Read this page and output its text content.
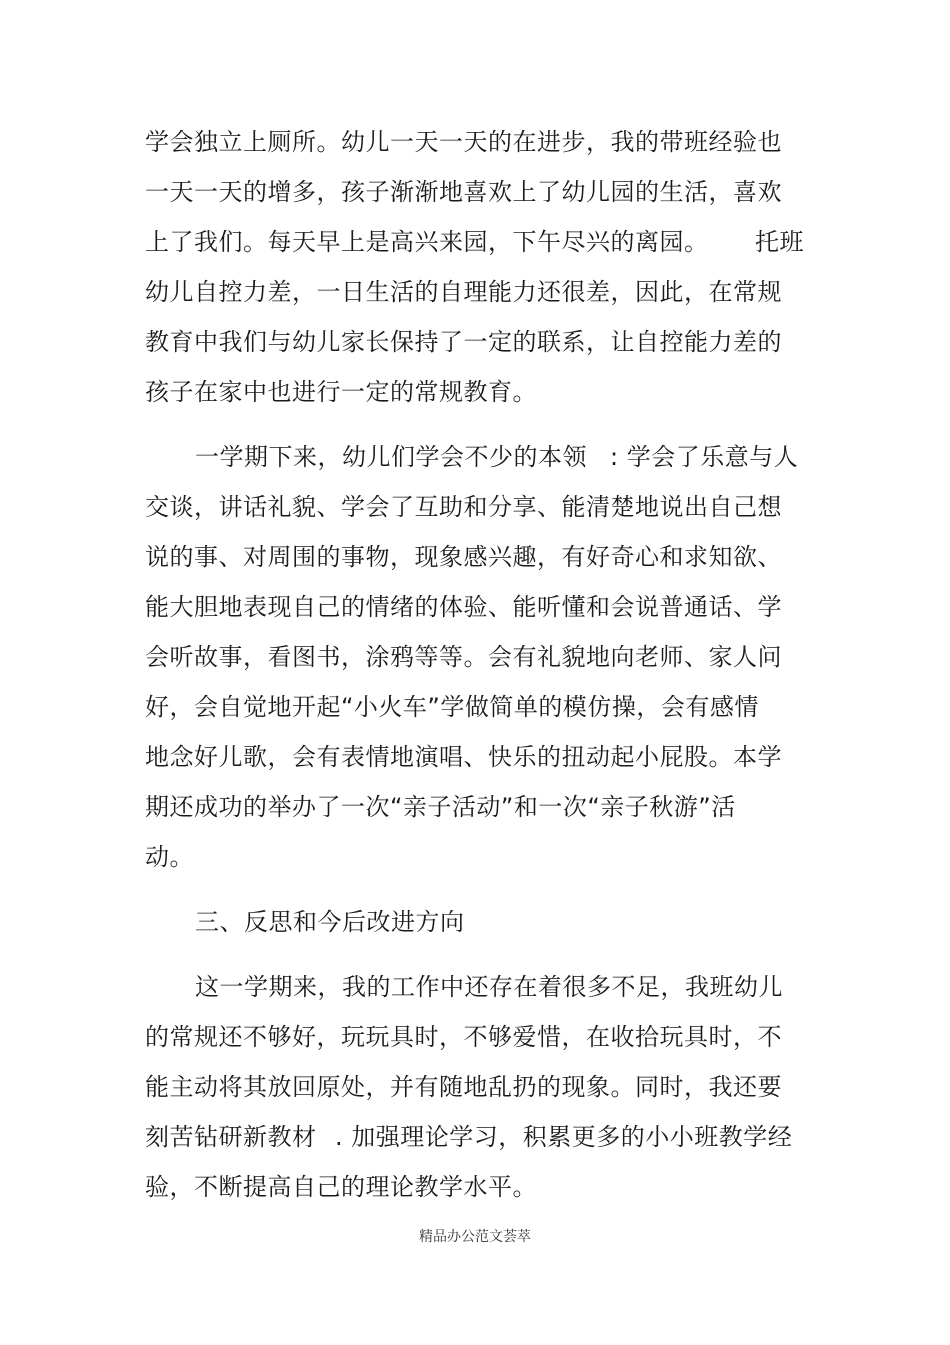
学会独立上厕所。幼儿一天一天的在进步，我的带班经验也
一天一天的增多，孩子渐渐地喜欢上了幼儿园的生活，喜欢
上了我们。每天早上是高兴来园，下午尽兴的离园。 托班
幼儿自控力差，一日生活的自理能力还很差，因此，在常规
教育中我们与幼儿家长保持了一定的联系，让自控能力差的
孩子在家中也进行一定的常规教育。
一学期下来，幼儿们学会不少的本领 : 学会了乐意与人
交谈，讲话礼貌、学会了互助和分享、能清楚地说出自己想
说的事、对周围的事物，现象感兴趣，有好奇心和求知欲、
能大胆地表现自己的情绪的体验、能听懂和会说普通话、学
会听故事，看图书，涂鸦等等。会有礼貌地向老师、家人问
好，会自觉地开起“小火车”学做简单的模仿操，会有感情
地念好儿歌，会有表情地演唱、快乐的扭动起小屁股。本学
期还成功的举办了一次“亲子活动”和一次“亲子秋游”活
动。
三、反思和今后改进方向
这一学期来，我的工作中还存在着很多不足，我班幼儿
的常规还不够好，玩玩具时，不够爱惜，在收拾玩具时，不
能主动将其放回原处，并有随地乱扔的现象。同时，我还要
刻苦钻研新教材 . 加强理论学习，积累更多的小小班教学经
验，不断提高自己的理论教学水平。
精品办公范文荟萃
